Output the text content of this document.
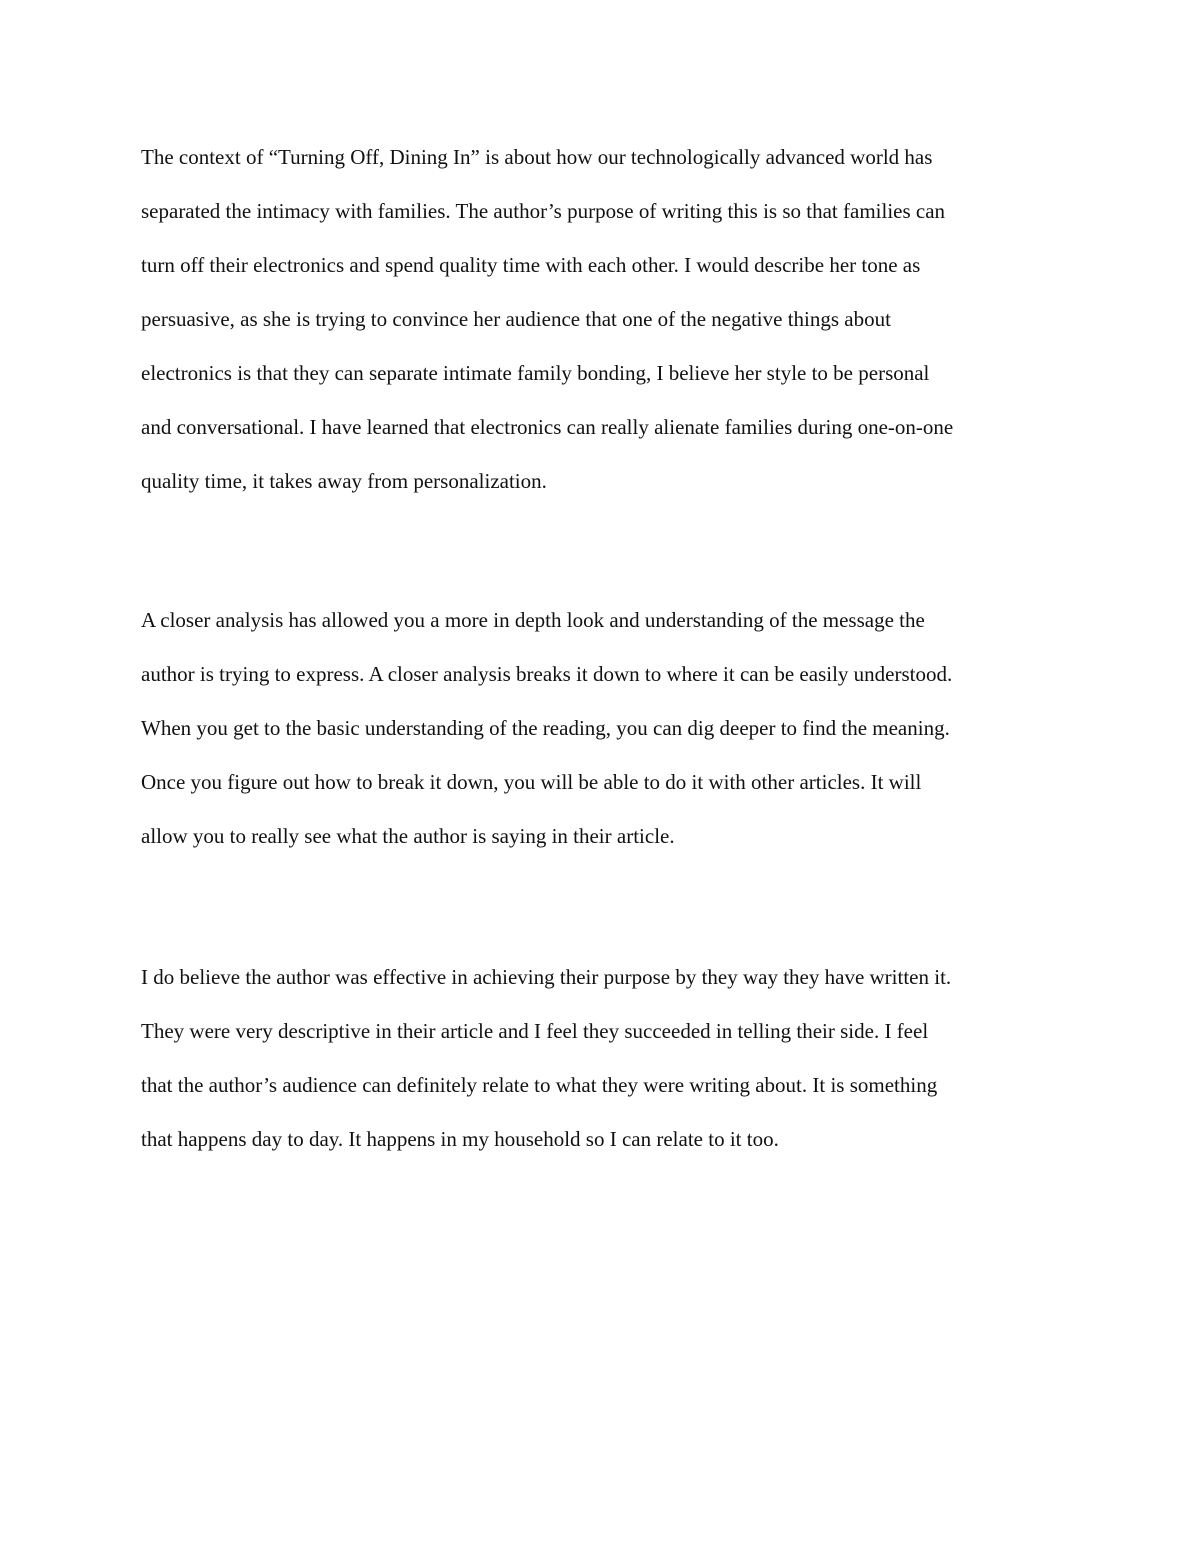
The context of “Turning Off, Dining In” is about how our technologically advanced world has
separated the intimacy with families. The author’s purpose of writing this is so that families can
turn off their electronics and spend quality time with each other. I would describe her tone as
persuasive, as she is trying to convince her audience that one of the negative things about
electronics is that they can separate intimate family bonding, I believe her style to be personal
and conversational. I have learned that electronics can really alienate families during one-on-one
quality time, it takes away from personalization.

A closer analysis has allowed you a more in depth look and understanding of the message the
author is trying to express. A closer analysis breaks it down to where it can be easily understood.
When you get to the basic understanding of the reading, you can dig deeper to find the meaning.
Once you figure out how to break it down, you will be able to do it with other articles. It will
allow you to really see what the author is saying in their article.

I do believe the author was effective in achieving their purpose by they way they have written it.
They were very descriptive in their article and I feel they succeeded in telling their side. I feel
that the author’s audience can definitely relate to what they were writing about. It is something
that happens day to day. It happens in my household so I can relate to it too.
